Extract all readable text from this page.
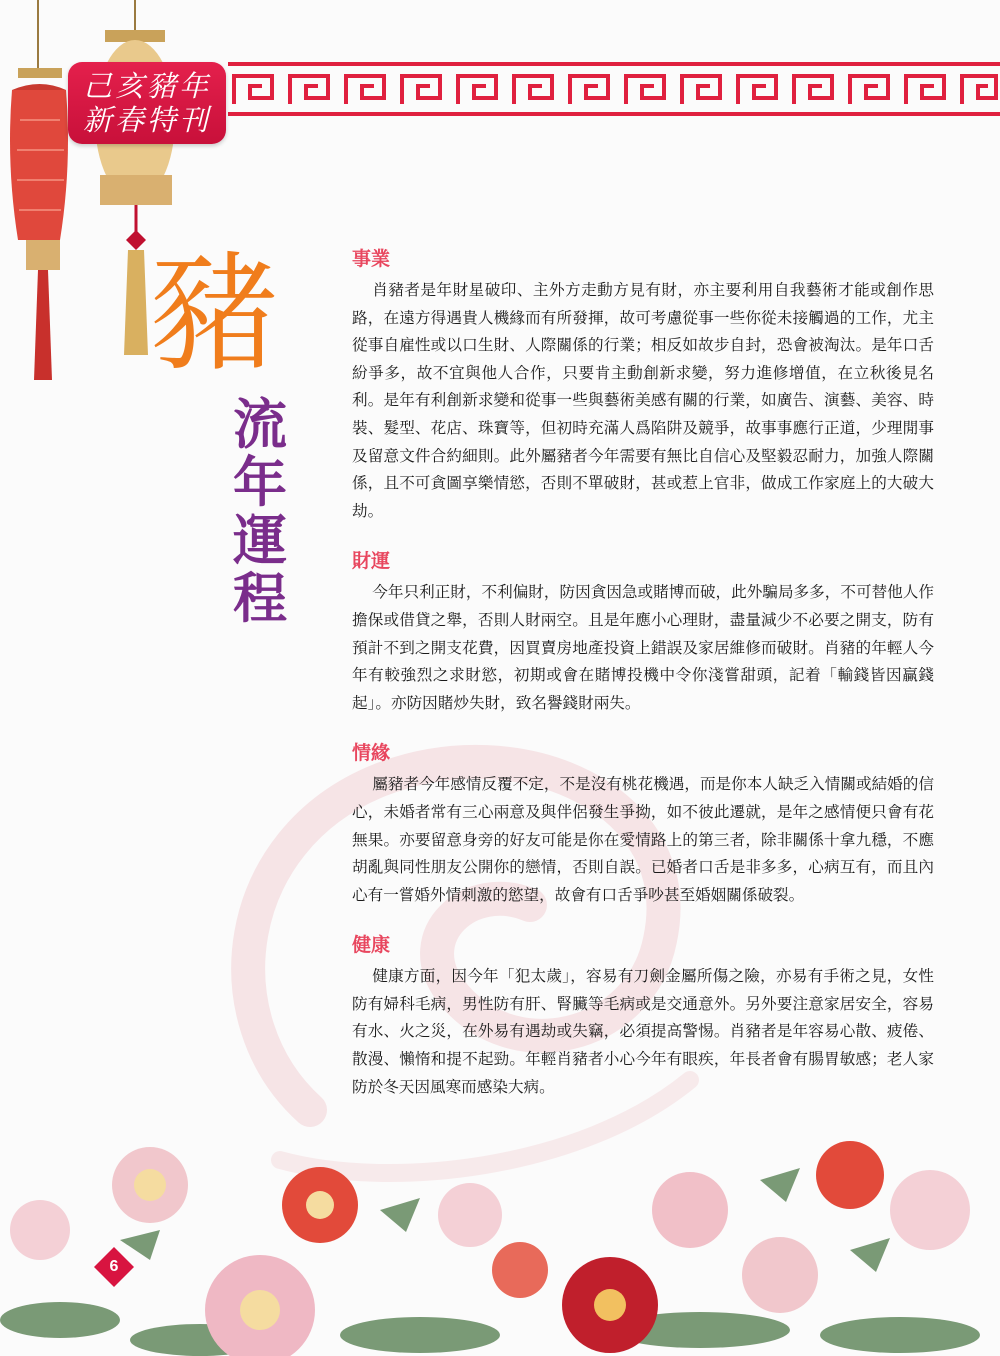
己亥豬年
新春特刊
豬
流
年
運
程
事業

肖豬者是年財星破印、主外方走動方見有財，亦主要利用自我藝術才能或創作思路，在遠方得遇貴人機緣而有所發揮，故可考慮從事一些你從未接觸過的工作，尤主從事自雇性或以口生財、人際關係的行業；相反如故步自封，恐會被淘汰。是年口舌紛爭多，故不宜與他人合作，只要肯主動創新求變，努力進修增值，在立秋後見名利。是年有利創新求變和從事一些與藝術美感有關的行業，如廣告、演藝、美容、時裝、髮型、花店、珠寶等，但初時充滿人爲陷阱及競爭，故事事應行正道，少理閒事及留意文件合約細則。此外屬豬者今年需要有無比自信心及堅毅忍耐力，加強人際關係，且不可貪圖享樂情慾，否則不單破財，甚或惹上官非，做成工作家庭上的大破大劫。

財運

今年只利正財，不利偏財，防因貪因急或賭博而破，此外騙局多多，不可替他人作擔保或借貸之舉，否則人財兩空。且是年應小心理財，盡量減少不必要之開支，防有預計不到之開支花費，因買賣房地產投資上錯誤及家居維修而破財。肖豬的年輕人今年有較強烈之求財慾，初期或會在賭博投機中令你淺嘗甜頭，記着「輸錢皆因贏錢起」。亦防因賭炒失財，致名譽錢財兩失。

情緣

屬豬者今年感情反覆不定，不是沒有桃花機遇，而是你本人缺乏入情關或結婚的信心，未婚者常有三心兩意及與伴侶發生爭拗，如不彼此遷就，是年之感情便只會有花無果。亦要留意身旁的好友可能是你在愛情路上的第三者，除非關係十拿九穩，不應胡亂與同性朋友公開你的戀情，否則自誤。已婚者口舌是非多多，心病互有，而且內心有一嘗婚外情刺激的慾望，故會有口舌爭吵甚至婚姻關係破裂。

健康

健康方面，因今年「犯太歲」，容易有刀劍金屬所傷之險，亦易有手術之見，女性防有婦科毛病，男性防有肝、腎臟等毛病或是交通意外。另外要注意家居安全，容易有水、火之災，在外易有遇劫或失竊，必須提高警惕。肖豬者是年容易心散、疲倦、散漫、懶惰和提不起勁。年輕肖豬者小心今年有眼疾，年長者會有腸胃敏感；老人家防於冬天因風寒而感染大病。

6
